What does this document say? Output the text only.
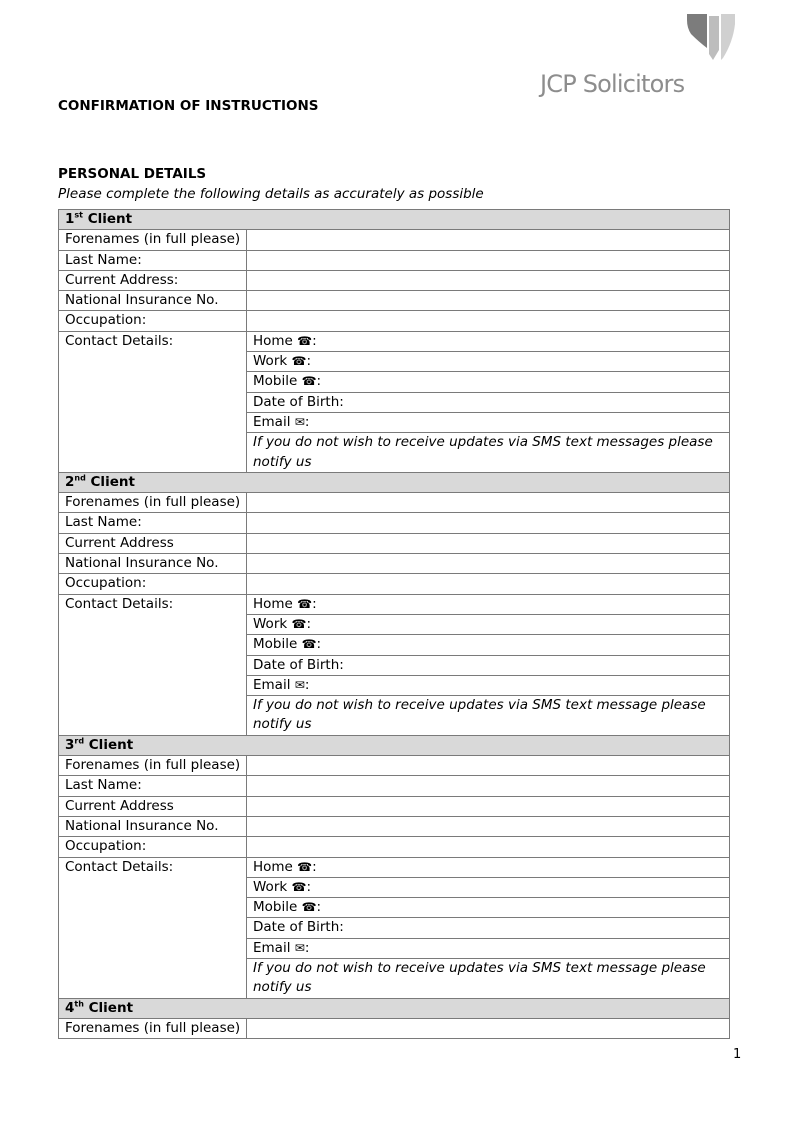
JCP Solicitors
CONFIRMATION OF INSTRUCTIONS
PERSONAL DETAILS
Please complete the following details as accurately as possible
1st Client	
Forenames (in full please)	
Last Name:	
Current Address:	
National Insurance No.	
Occupation:	
Contact Details:	Home ☎:
	Work ☎:
	Mobile ☎:
	Date of Birth:
	Email ✉:
	If you do not wish to receive updates via SMS text messages please notify us
2nd Client	
Forenames (in full please)	
Last Name:	
Current Address	
National Insurance No.	
Occupation:	
Contact Details:	Home ☎:
	Work ☎:
	Mobile ☎:
	Date of Birth:
	Email ✉:
	If you do not wish to receive updates via SMS text message please notify us
3rd Client	
Forenames (in full please)	
Last Name:	
Current Address	
National Insurance No.	
Occupation:	
Contact Details:	Home ☎:
	Work ☎:
	Mobile ☎:
	Date of Birth:
	Email ✉:
	If you do not wish to receive updates via SMS text message please notify us
4th Client	
Forenames (in full please)	
1
